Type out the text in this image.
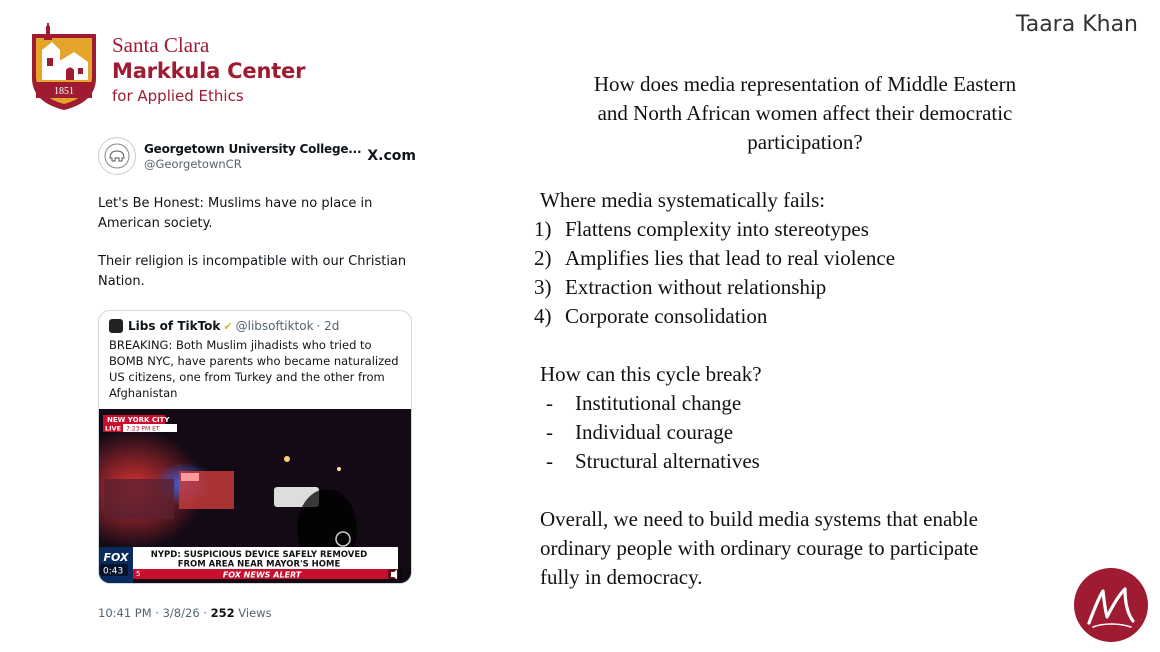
Taara Khan
1851
Santa Clara
Markkula Center
for Applied Ethics
Georgetown University College...
@GeorgetownCR	X.com

Let's Be Honest: Muslims have no place in American society.

Their religion is incompatible with our Christian Nation.

Libs of TikTok ✔ @libsoftiktok · 2d
BREAKING: Both Muslim jihadists who tried to BOMB NYC, have parents who became naturalized US citizens, one from Turkey and the other from Afghanistan
NEW YORK CITY
LIVE 7:23 PM ET
NYPD: SUSPICIOUS DEVICE SAFELY REMOVED
FROM AREA NEAR MAYOR'S HOME
FOX NEWS ALERT
FOX
0:43 5
10:41 PM · 3/8/26 · 252 Views

How does media representation of Middle Eastern
and North African women affect their democratic
participation?

Where media systematically fails:

1) Flattens complexity into stereotypes
2) Amplifies lies that lead to real violence
3) Extraction without relationship
4) Corporate consolidation

How can this cycle break?

-	Institutional change
-	Individual courage
-	Structural alternatives

Overall, we need to build media systems that enable
ordinary people with ordinary courage to participate
fully in democracy.
